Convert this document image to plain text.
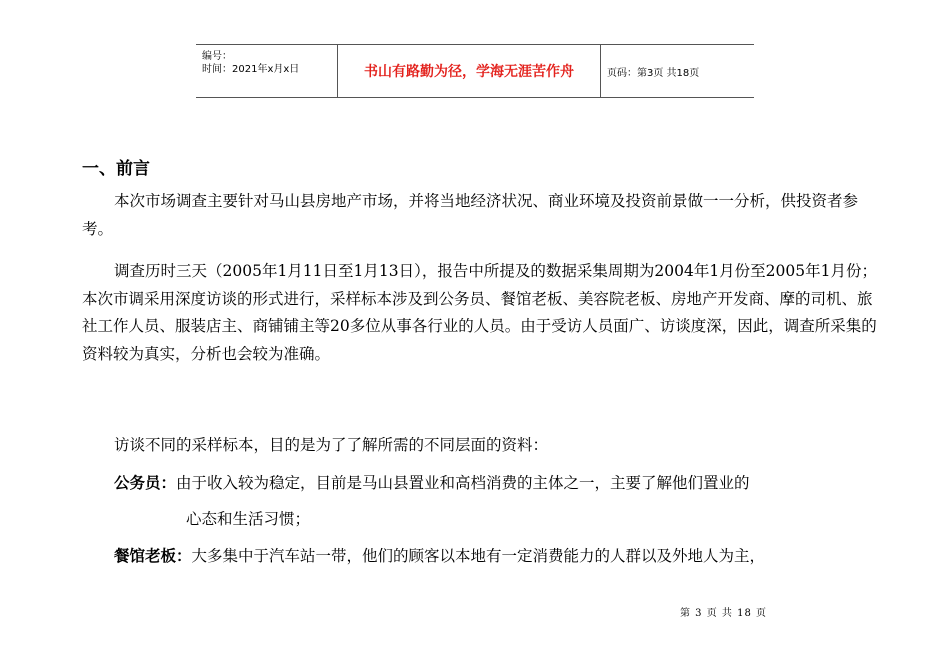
编号：
时间：2021年x月x日	书山有路勤为径，学海无涯苦作舟	页码：第3页 共18页
一、前言
本次市场调查主要针对马山县房地产市场，并将当地经济状况、商业环境及投资前景做一一分析，供投资者参考。
调查历时三天（2005年1月11日至1月13日），报告中所提及的数据采集周期为2004年1月份至2005年1月份；本次市调采用深度访谈的形式进行，采样标本涉及到公务员、餐馆老板、美容院老板、房地产开发商、摩的司机、旅社工作人员、服装店主、商铺铺主等20多位从事各行业的人员。由于受访人员面广、访谈度深，因此，调查所采集的资料较为真实，分析也会较为准确。
访谈不同的采样标本，目的是为了了解所需的不同层面的资料：
公务员：由于收入较为稳定，目前是马山县置业和高档消费的主体之一，主要了解他们置业的
心态和生活习惯；
餐馆老板：大多集中于汽车站一带，他们的顾客以本地有一定消费能力的人群以及外地人为主，
第 3 页 共 18 页
